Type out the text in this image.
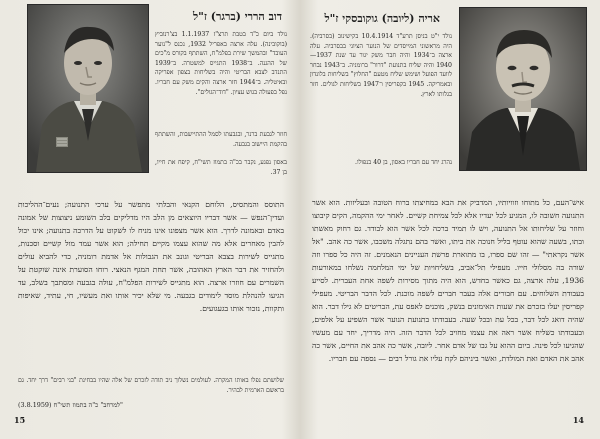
דוב הררי (ברגר) ז"ל
נולד ביום כ"ד בטבת תרצ"ז 1.1.1937 בצ'רנוביץ (בוקובינה). עלה ארצה באפריל 1932, נכנס ל"נוער העובד" ובהמשך שירת בפלמ"ח, השתתף בקורס מ"כים של ההגנה. ב־1938 התגייס למשטרה. ב־1939 התנדב לצבא הבריטי והיה בשליחות בצפון אפריקה ובאיטליה. ב־1944 חזר ארצה והקים משק עם חבריו. נפל בפעולה בגוש עציון. "דוד־הגולים".
חוזר לגבעת ברנר, ובגבעתו לסמל ההתיישבות, והשתתף בהקמת היישוב בגבעה.
באסון נפגע, נקבר בכ"ה בתמוז תשי"ח, קיפח את חייו, בן 37.
התוסס והמתסיס, הלוחם הקנאי והבלתי מתפשר על ערכי התנועה; נעים־ההליכות ועדין־הנפש — אשר דבריו היוצאים מן הלב היו מדליקים בלב השומע ניצוצות של אמונה באדם ובאמונה לדרך. הוא אשר מצפונו אינו מניח לו לשקוט על הדרכה בתנועה; אינו יכול להבין מאחרים אלא מה שהוא עצמו מקיים תחילה; הוא אשר עמד מול קשיים וסכנות, מתגייס לשירות בצבא הבריטי וגונב את הגבולות אל אדמת רומניה, כדי להביא עולים ולהחזיר את דבר הארץ האהובה, אשר תחת המגף הנאצי. רוחו הסוערת אינה שוקטת על השמרים עם חוזרו ארצה. הוא מתגייס לשירות הפלמ"ח, עולה בגבעה ומסתבך בשלב, עד הגיעו להנהלת מוסד לימודים בגבעה. מי שלא יכיר אותו ואת מעשיו, חי, עתיד, שאיפות ותקוות, נזכור אותו בגעגועים.
שלושתם נפלו באותו המקרה. לעולמים נשלוך ניב תודה לזכרם של אלה שהיו בבחינת "בני רבים" דרך יחד. גם בראשם הארמית לבהיר.
"למרחב" כ"ה בתמוז תשי"ח (3.8.1959)
15
אריה (ליובה) גוקובסקי ז"ל
נולד י"ט בניסן תרע"ד 10.4.1914 בקישינוב (בסרביה). היה מראשוני המייסדים של הנוער הציוני בבסרביה. עלה ארצה ב־1934 והיה חבר משק יגור עד שנת 1937—1940 והיה שליח בתנועת "דרור" ברומניה. ב־1943 נבחר לוועד הפועל ושימש שליח מטעם "החלוץ" בשליחות בלונדון ובאמריקה. 1945 בקפריסין ו־1947 בשליחות לגולים. חזר בגלותו לארץ.
נהרג יחד עם חבריו באסון, בן 40 בנפולו.
איש־העם, כל מתוחו וזוויותיו, המדביק את הבא במחיצתו ברוח הטובה ובעליזות. הוא אשר התנועה חשובה לו, המגיע לכל יעדיו אלא לכל צמיחת קשיים. לאחר ימי ההקמה, הקים קיבוצו וחוזר על שליחותו אל התנועה, ויש לו תמיד ברכה לכל אשר הוא לבודד. גם רחוק מאשתו ובתו, בשעה שהוא עוטף בליל חנוכה את ביתו, ואשר בהם נתגלה משכבו, אשר כה אהב. "אל אשר נקראתי" — זהו שם ספרו, בו מתוארת פרשת העניינים הנאמנים. זה היה כל ספרו וזה שורה בה מסלולי חייו. מעפילי תל־אביב, בשליחויות של ימי המלחמה נשלחו במאורעות 1936, עלה ארצה, גם כאשר בחדש, הוא היה מתוך מסירות לשפה אחת העברית. לסייע בעבודת השלוחים. עם חבורים אלה בעבר חברים לשפה מוכנת. לכל הדבר הבריטי. מעפילי קפריסין יעלו בזכרם את שעות האימונים בנשק, מוכנים לאפס עת, הבריטים לא גילו דבר. הוא שהיה דואג לכל דבר, בכל עת ובכל שעה. בעבודתו בתנועת הנוער אשר השפיע על אלפים, ובעבודתו כשליח אשר ראה את עצמו מחויב לכל הדבר הזה. היה מדריך, יחד עם מעשיו שהגיעו לכל פינה. ביום ההוא על גבו של אדם אחר. ליובה, אשר כה אהב את החיים, אשר כה אהב את האדם ואת המולדת, ואשר ביניהם לקח עליו את גורל רבים — נספה עם חבריו.
14
